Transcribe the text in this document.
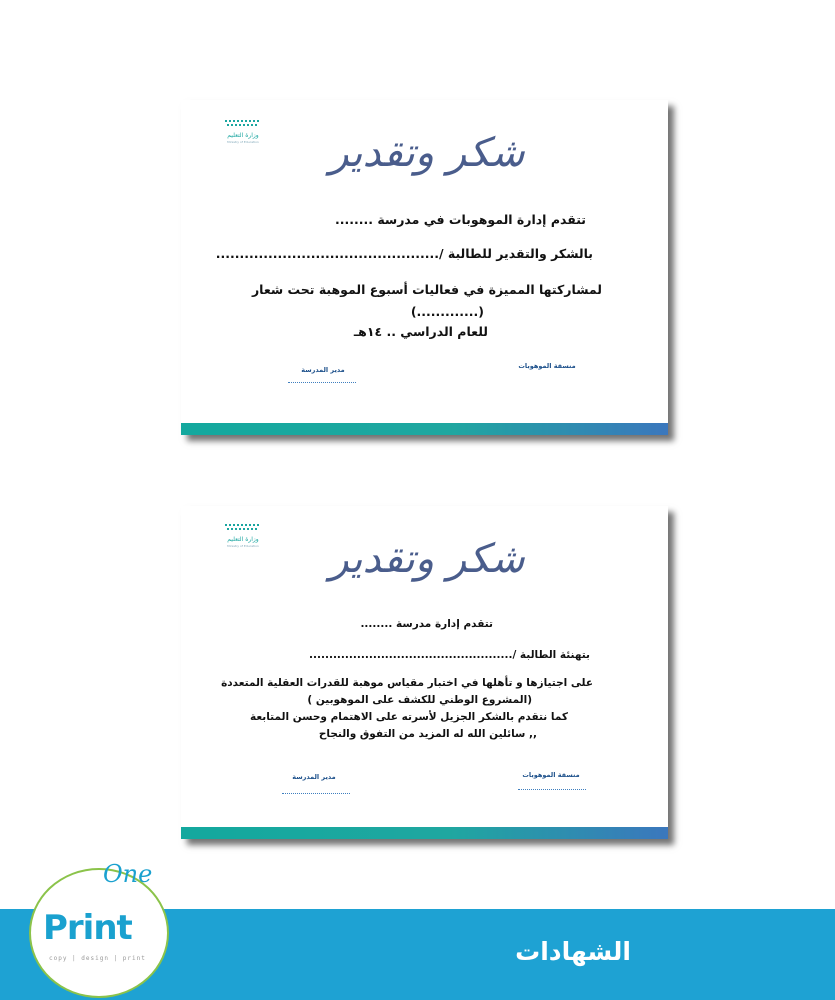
وزارة التعليم
Ministry of Education	شكر وتقدير
تتقدم إدارة الموهوبات في مدرسة ........
بالشكر والتقدير للطالبة /...............................................
لمشاركتها المميزة في فعاليات أسبوع الموهبة تحت شعار
(.............)
للعام الدراسي .. ١٤هـ
منسقة الموهوبات
مدير المدرسة
وزارة التعليم
Ministry of Education	شكر وتقدير
تتقدم إدارة مدرسة ........
بتهنئة الطالبة /...................................................
على اجتيازها و تأهلها في اختبار مقياس موهبة للقدرات العقلية المتعددة
(المشروع الوطني للكشف على الموهوبين )
كما نتقدم بالشكر الجزيل لأسرته على الاهتمام وحسن المتابعة
,, سائلين الله له المزيد من التفوق والنجاح
منسقة الموهوبات
مدير المدرسة
الشهادات
One
Print
copy | design | print
